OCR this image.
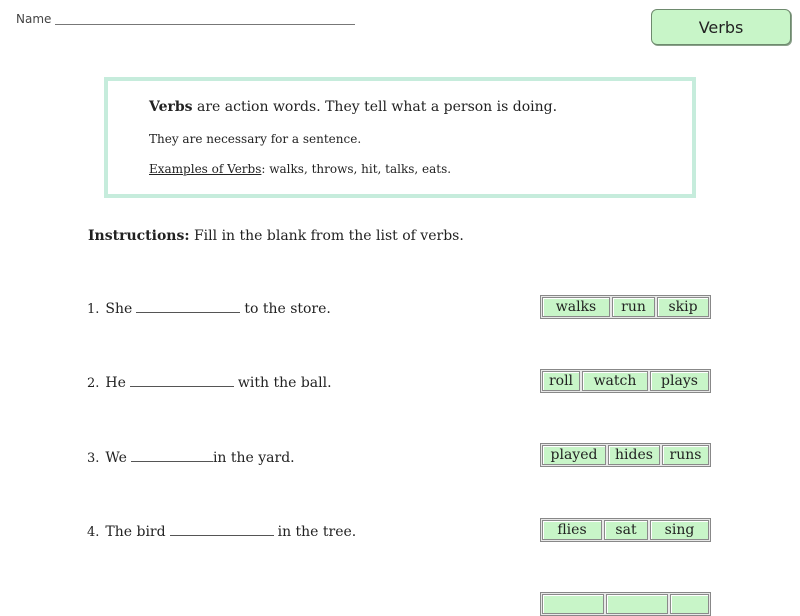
Name	Verbs

Verbs are action words. They tell what a person is doing.

They are necessary for a sentence.

Examples of Verbs: walks, throws, hit, talks, eats.

Instructions: Fill in the blank from the list of verbs.
1. She	to the store.	walks	run	skip
2. He	with the ball.	roll	watch	plays
3. We	in the yard.	played	hides	runs
4. The bird	in the tree.	flies	sat	sing
